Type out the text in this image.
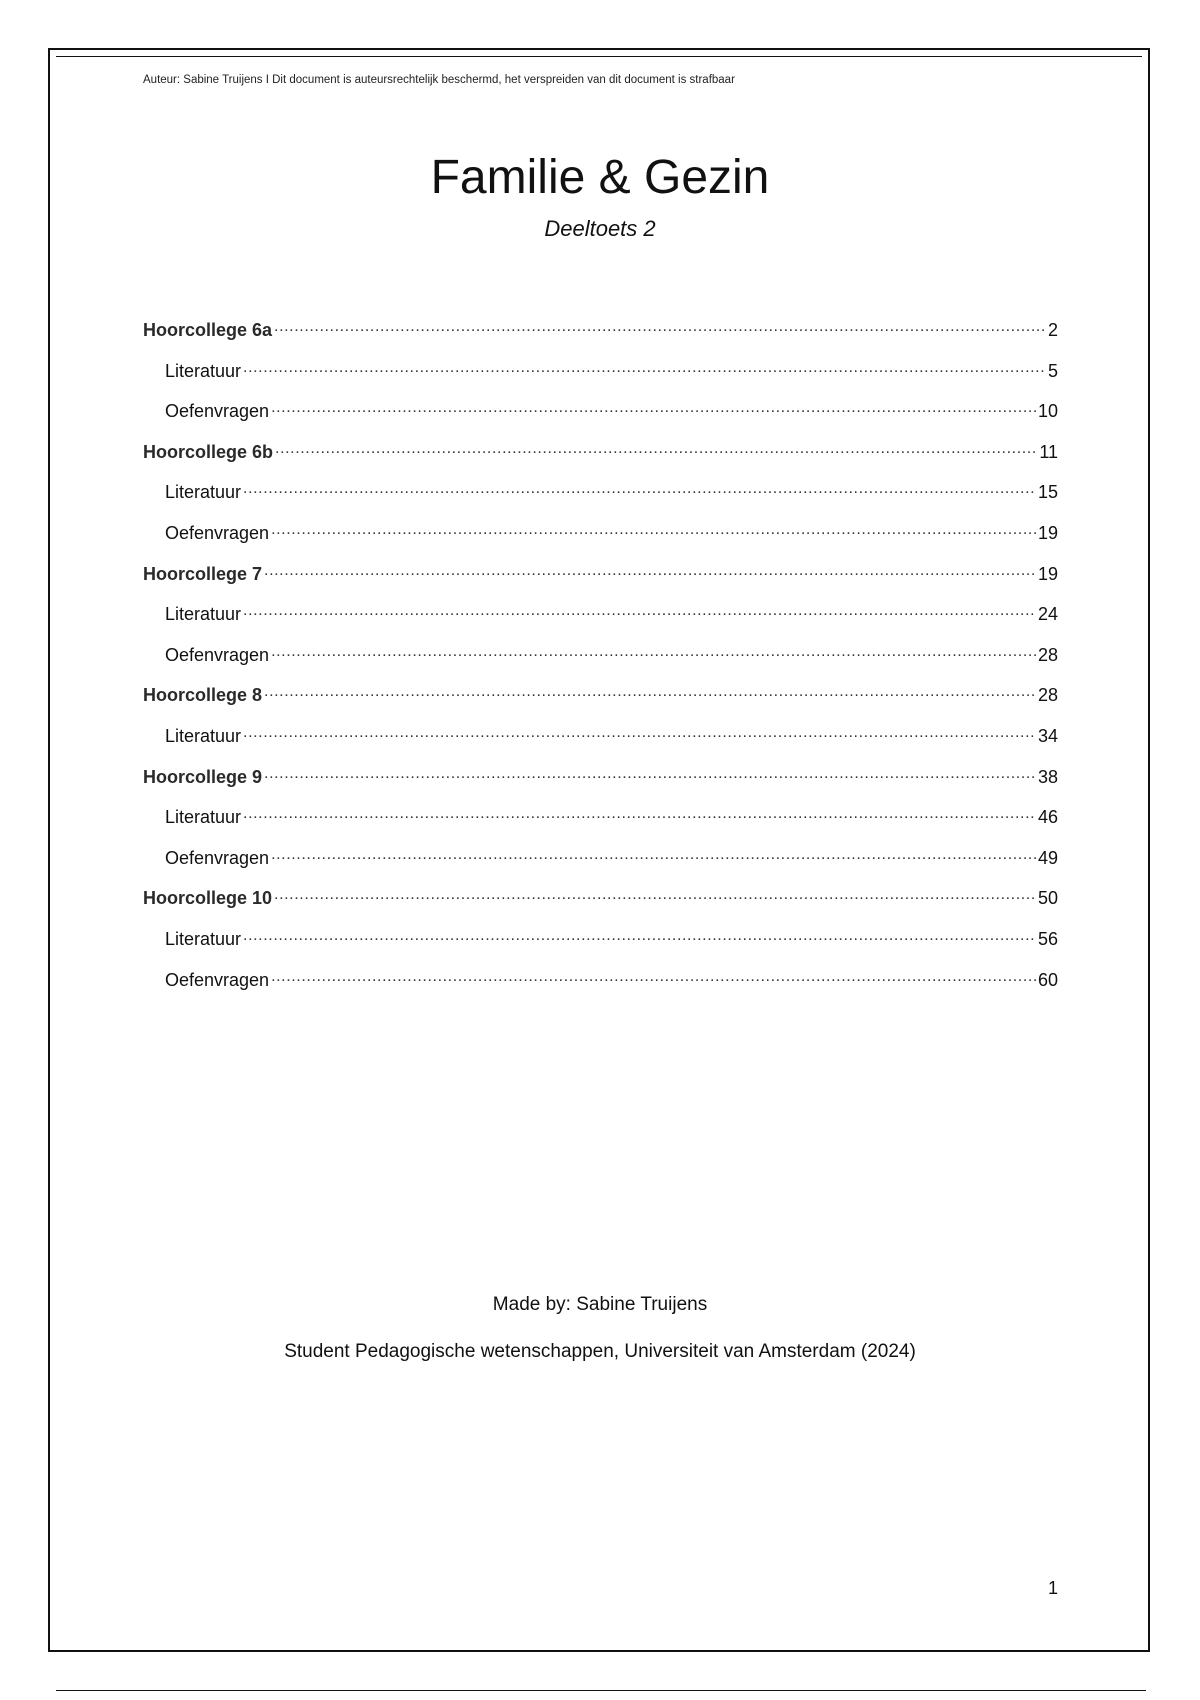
Auteur: Sabine Truijens I Dit document is auteursrechtelijk beschermd, het verspreiden van dit document is strafbaar
Familie & Gezin
Deeltoets 2
Hoorcollege 6a .....	2
Literatuur .....	5
Oefenvragen .....	10
Hoorcollege 6b .....	11
Literatuur .....	15
Oefenvragen .....	19
Hoorcollege 7 .....	19
Literatuur .....	24
Oefenvragen .....	28
Hoorcollege 8 .....	28
Literatuur .....	34
Hoorcollege 9 .....	38
Literatuur .....	46
Oefenvragen .....	49
Hoorcollege 10 .....	50
Literatuur .....	56
Oefenvragen .....	60
Made by: Sabine Truijens
Student Pedagogische wetenschappen, Universiteit van Amsterdam (2024)
1
